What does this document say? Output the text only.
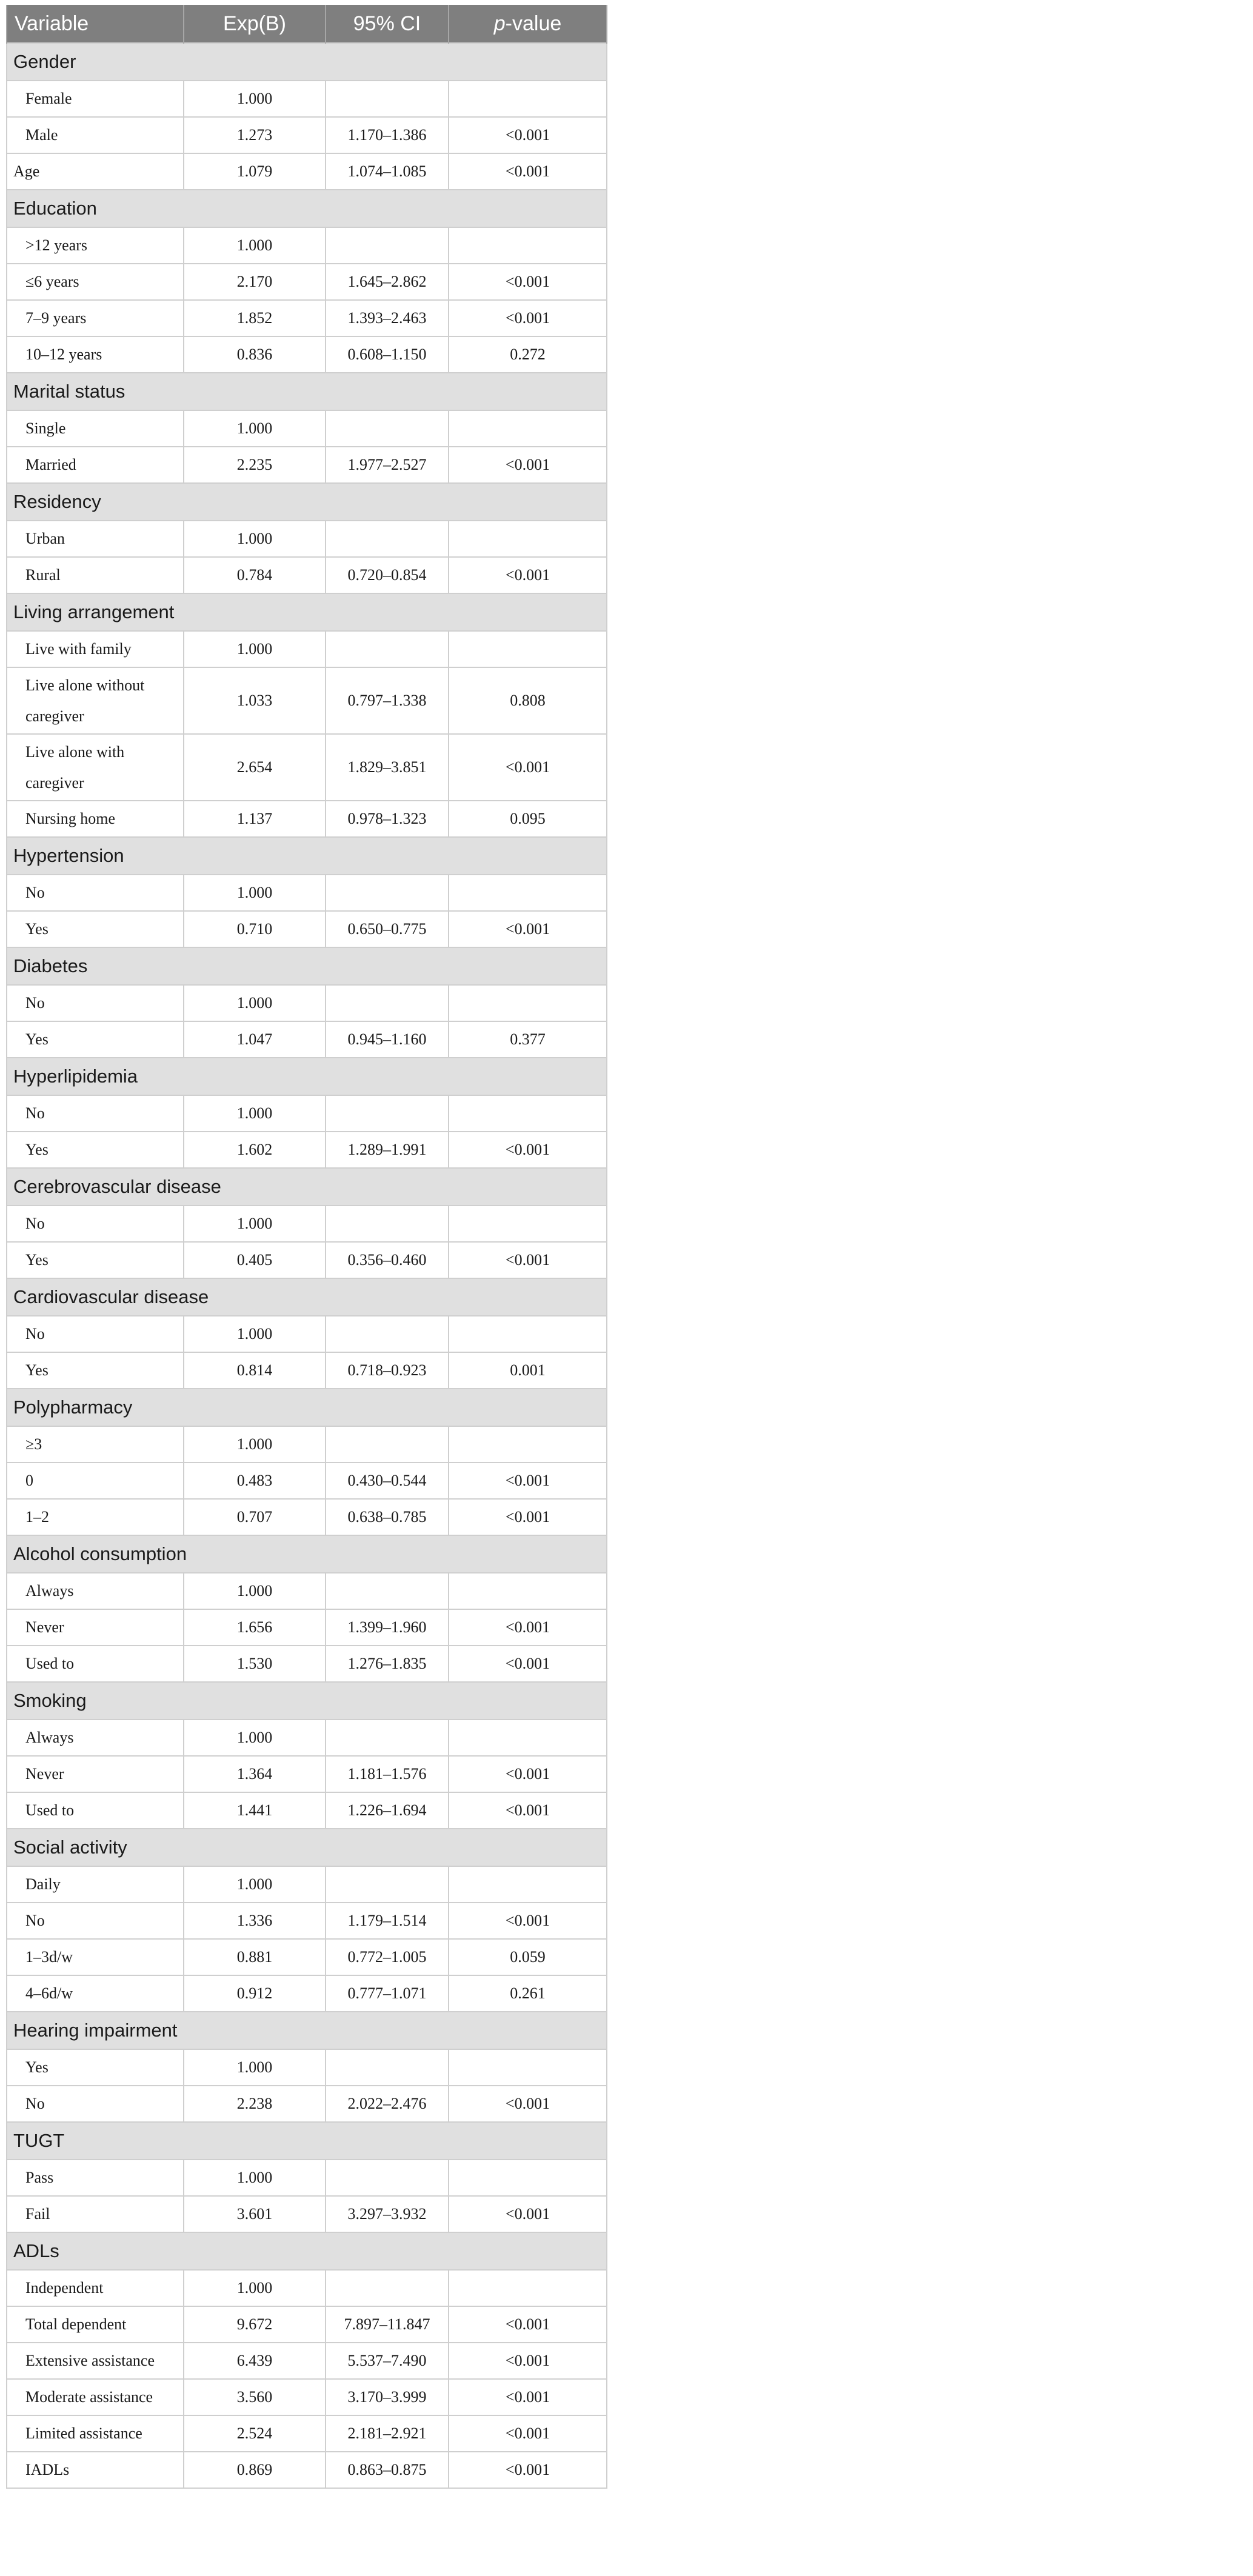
Variable	Exp(B)	95% CI	p-value
Gender			
Female	1.000		
Male	1.273	1.170–1.386	<0.001
Age	1.079	1.074–1.085	<0.001
Education			
>12 years	1.000		
≤6 years	2.170	1.645–2.862	<0.001
7–9 years	1.852	1.393–2.463	<0.001
10–12 years	0.836	0.608–1.150	0.272
Marital status			
Single	1.000		
Married	2.235	1.977–2.527	<0.001
Residency			
Urban	1.000		
Rural	0.784	0.720–0.854	<0.001
Living arrangement			
Live with family	1.000		
Live alone without caregiver	1.033	0.797–1.338	0.808
Live alone with caregiver	2.654	1.829–3.851	<0.001
Nursing home	1.137	0.978–1.323	0.095
Hypertension			
No	1.000		
Yes	0.710	0.650–0.775	<0.001
Diabetes			
No	1.000		
Yes	1.047	0.945–1.160	0.377
Hyperlipidemia			
No	1.000		
Yes	1.602	1.289–1.991	<0.001
Cerebrovascular disease			
No	1.000		
Yes	0.405	0.356–0.460	<0.001
Cardiovascular disease			
No	1.000		
Yes	0.814	0.718–0.923	0.001
Polypharmacy			
≥3	1.000		
0	0.483	0.430–0.544	<0.001
1–2	0.707	0.638–0.785	<0.001
Alcohol consumption			
Always	1.000		
Never	1.656	1.399–1.960	<0.001
Used to	1.530	1.276–1.835	<0.001
Smoking			
Always	1.000		
Never	1.364	1.181–1.576	<0.001
Used to	1.441	1.226–1.694	<0.001
Social activity			
Daily	1.000		
No	1.336	1.179–1.514	<0.001
1–3d/w	0.881	0.772–1.005	0.059
4–6d/w	0.912	0.777–1.071	0.261
Hearing impairment			
Yes	1.000		
No	2.238	2.022–2.476	<0.001
TUGT			
Pass	1.000		
Fail	3.601	3.297–3.932	<0.001
ADLs			
Independent	1.000		
Total dependent	9.672	7.897–11.847	<0.001
Extensive assistance	6.439	5.537–7.490	<0.001
Moderate assistance	3.560	3.170–3.999	<0.001
Limited assistance	2.524	2.181–2.921	<0.001
IADLs	0.869	0.863–0.875	<0.001
